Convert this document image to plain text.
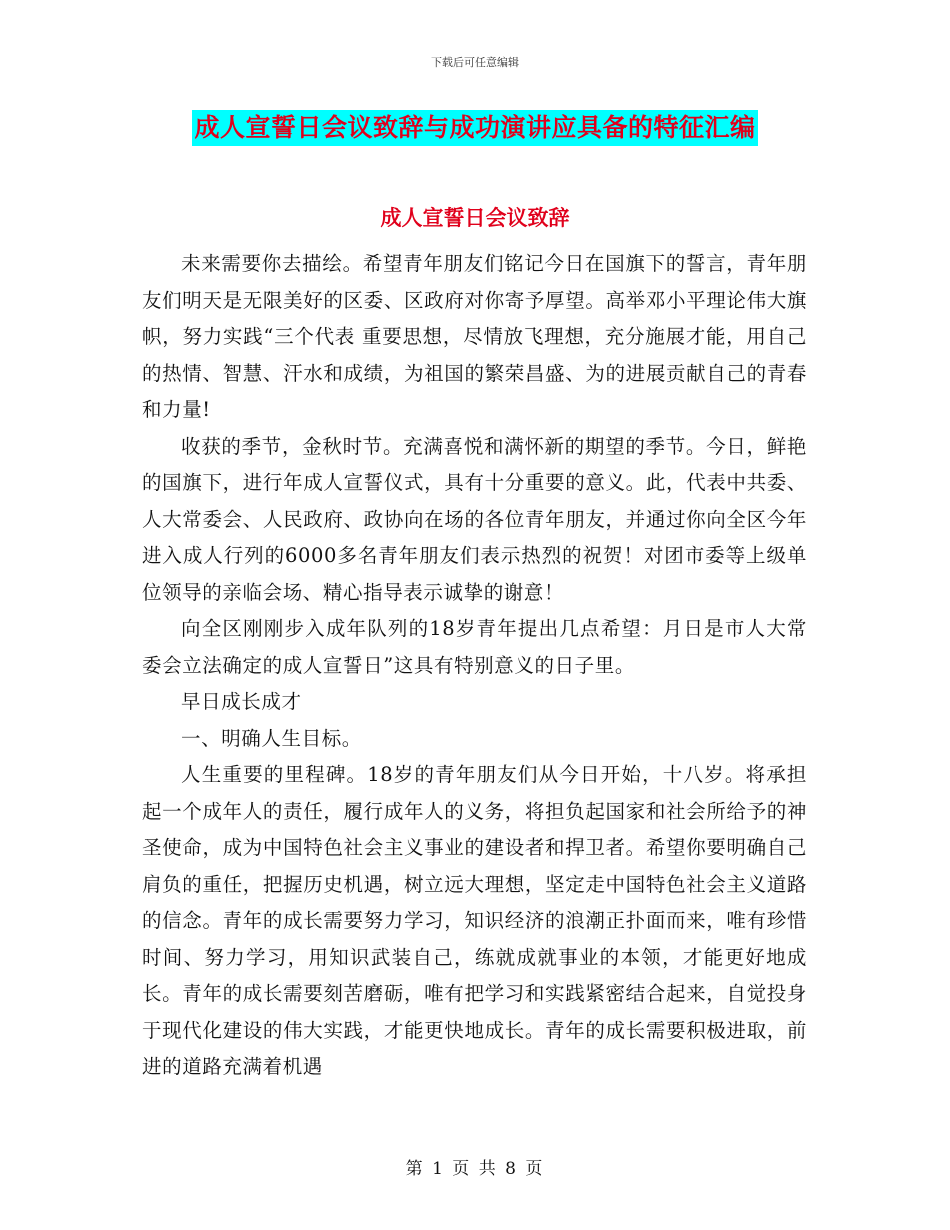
下载后可任意编辑
成人宣誓日会议致辞与成功演讲应具备的特征汇编
成人宣誓日会议致辞

未来需要你去描绘。希望青年朋友们铭记今日在国旗下的誓言，青年朋友们明天是无限美好的区委、区政府对你寄予厚望。高举邓小平理论伟大旗帜，努力实践“三个代表 重要思想，尽情放飞理想，充分施展才能，用自己的热情、智慧、汗水和成绩，为祖国的繁荣昌盛、为的进展贡献自己的青春和力量!

收获的季节，金秋时节。充满喜悦和满怀新的期望的季节。今日，鲜艳的国旗下，进行年成人宣誓仪式，具有十分重要的意义。此，代表中共委、人大常委会、人民政府、政协向在场的各位青年朋友，并通过你向全区今年进入成人行列的6000多名青年朋友们表示热烈的祝贺！对团市委等上级单位领导的亲临会场、精心指导表示诚挚的谢意！

向全区刚刚步入成年队列的18岁青年提出几点希望：月日是市人大常委会立法确定的成人宣誓日”这具有特别意义的日子里。

早日成长成才

一、明确人生目标。

人生重要的里程碑。18岁的青年朋友们从今日开始，十八岁。将承担起一个成年人的责任，履行成年人的义务，将担负起国家和社会所给予的神圣使命，成为中国特色社会主义事业的建设者和捍卫者。希望你要明确自己肩负的重任，把握历史机遇，树立远大理想，坚定走中国特色社会主义道路的信念。青年的成长需要努力学习，知识经济的浪潮正扑面而来，唯有珍惜时间、努力学习，用知识武装自己，练就成就事业的本领，才能更好地成长。青年的成长需要刻苦磨砺，唯有把学习和实践紧密结合起来，自觉投身于现代化建设的伟大实践，才能更快地成长。青年的成长需要积极进取，前进的道路充满着机遇

第 1 页 共 8 页
